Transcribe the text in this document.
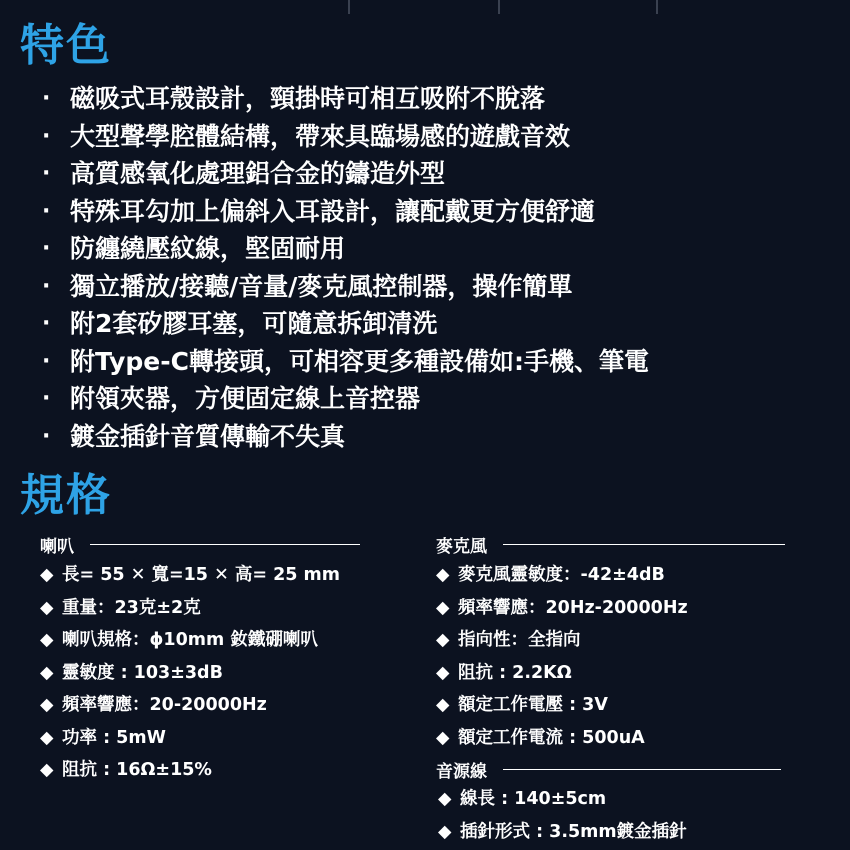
特色
· 磁吸式耳殼設計，頸掛時可相互吸附不脫落
· 大型聲學腔體結構，帶來具臨場感的遊戲音效
· 高質感氧化處理鋁合金的鑄造外型
· 特殊耳勾加上偏斜入耳設計，讓配戴更方便舒適
· 防纏繞壓紋線，堅固耐用
· 獨立播放/接聽/音量/麥克風控制器，操作簡單
· 附2套矽膠耳塞，可隨意拆卸清洗
· 附Type-C轉接頭，可相容更多種設備如:手機、筆電
· 附領夾器，方便固定線上音控器
· 鍍金插針音質傳輸不失真
規格
喇叭
◆ 長= 55 ✕ 寬=15 ✕ 高= 25 mm
◆ 重量：23克±2克
◆ 喇叭規格：ϕ10mm 釹鐵硼喇叭
◆ 靈敏度 : 103±3dB
◆ 頻率響應：20-20000Hz
◆ 功率 : 5mW
◆ 阻抗 : 16Ω±15%
麥克風
◆ 麥克風靈敏度：-42±4dB
◆ 頻率響應：20Hz-20000Hz
◆ 指向性：全指向
◆ 阻抗 : 2.2KΩ
◆ 額定工作電壓 : 3V
◆ 額定工作電流 : 500uA
音源線
◆ 線長 : 140±5cm
◆ 插針形式 : 3.5mm鍍金插針
